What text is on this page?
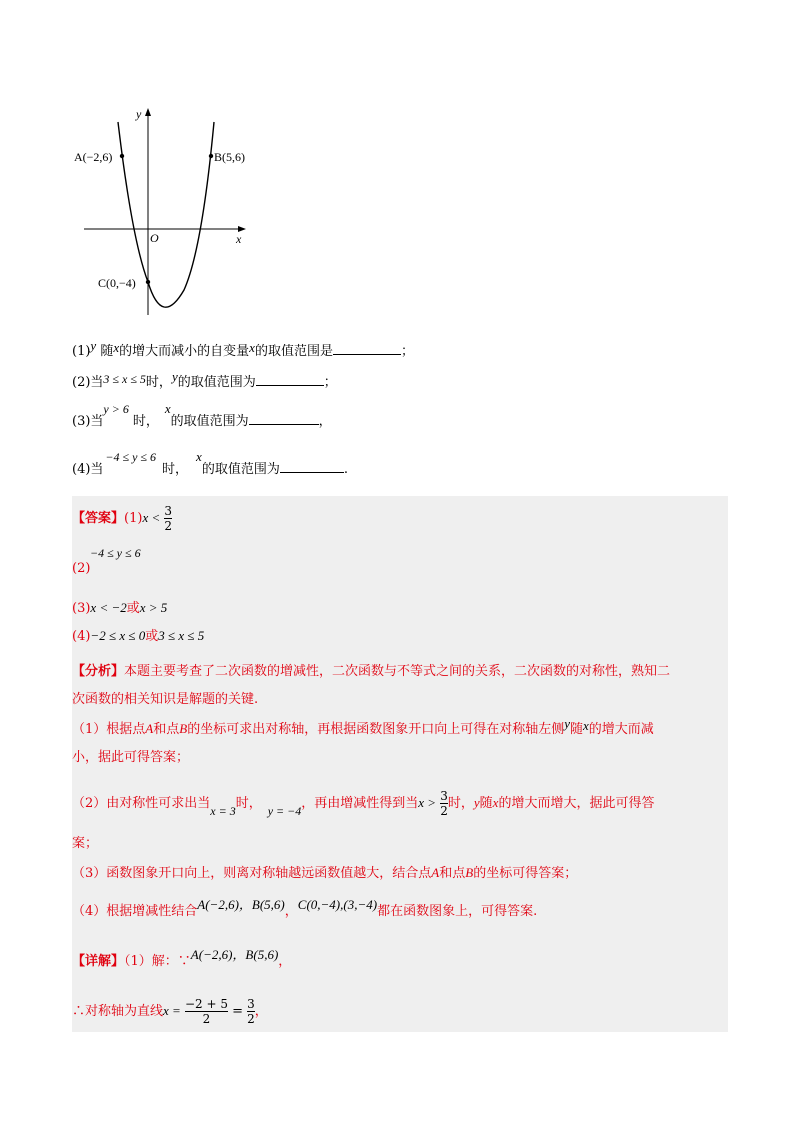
y
x
O
A(−2,6)	B(5,6)
C(0,−4)
(1)y 随x的增大而减小的自变量x的取值范围是	；
(2)当3 ≤ x ≤ 5时，y的取值范围为	；
(3)当y > 6时，x的取值范围为	，
(4)当−4 ≤ y ≤ 6时，x的取值范围为	.
【答案】$(1)x < \frac{3}{2}$
−4 ≤ y ≤ 6
(2)
(3)x < −2或x > 5
(4)−2 ≤ x ≤ 0或3 ≤ x ≤ 5
【分析】本题主要考查了二次函数的增减性，二次函数与不等式之间的关系，二次函数的对称性，熟知二
次函数的相关知识是解题的关键.
（1）根据点A和点B的坐标可求出对称轴，再根据函数图象开口向上可得在对称轴左侧y随x的增大而减
小，据此可得答案；
（2）由对称性可求出当x = 3时， y = −4，再由增减性得到当$x > \frac{3}{2}$ 时，y随x的增大而增大，据此可得答
案；
（3）函数图象开口向上，则离对称轴越远函数值越大，结合点A和点B的坐标可得答案；
（4）根据增减性结合A(−2,6)，B(5,6)，C(0,−4),(3,−4)都在函数图象上，可得答案.
【详解】（1）解：∵A(−2,6)，B(5,6)，
∴对称轴为直线$x = \frac{-2 + 5}{2} = \frac{3}{2}$ ，
